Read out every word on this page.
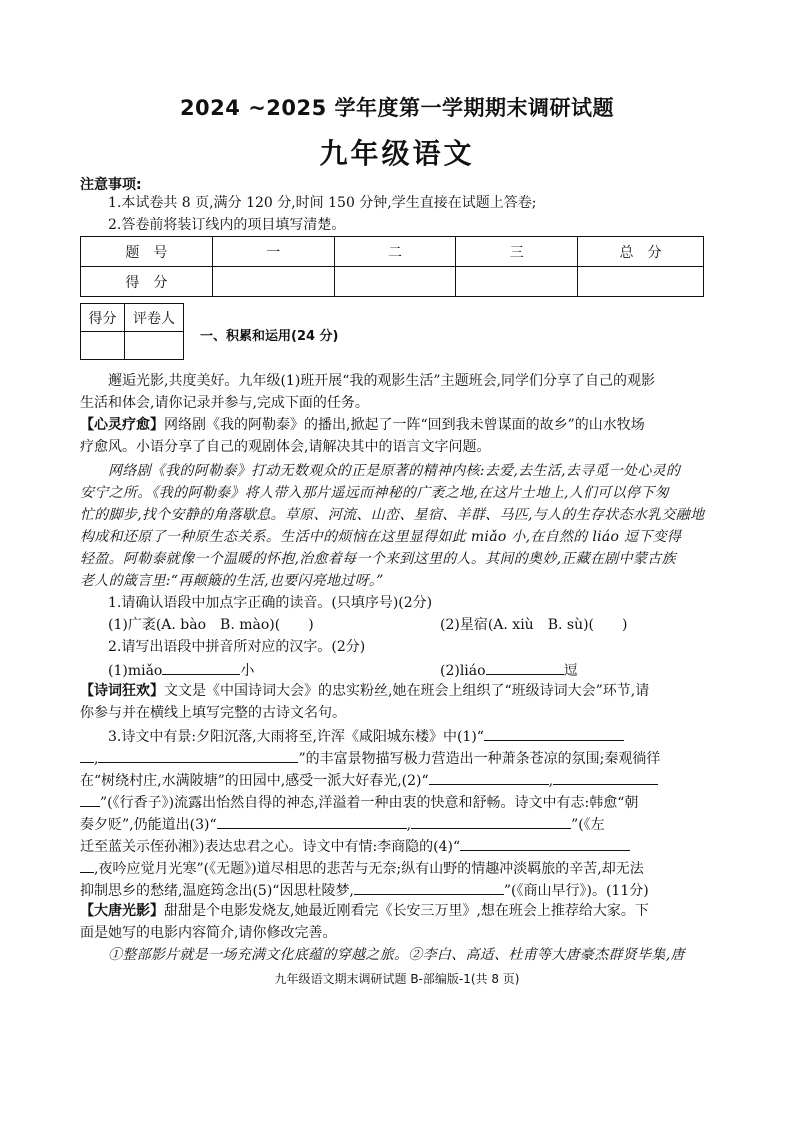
2024 ~2025 学年度第一学期期末调研试题
九年级语文
注意事项:
1.本试卷共 8 页,满分 120 分,时间 150 分钟,学生直接在试题上答卷;
2.答卷前将装订线内的项目填写清楚。
题　号	一	二	三	总　分
得　分				
得分	评卷人

一、积累和运用(24 分)
邂逅光影,共度美好。九年级(1)班开展“我的观影生活”主题班会,同学们分享了自己的观影
生活和体会,请你记录并参与,完成下面的任务。
【心灵疗愈】网络剧《我的阿勒泰》的播出,掀起了一阵“回到我未曾谋面的故乡”的山水牧场
疗愈风。小语分享了自己的观剧体会,请解决其中的语言文字问题。
网络剧《我的阿勒泰》打动无数观众的正是原著的精神内核:去爱,去生活,去寻觅一处心灵的
安宁之所。《我的阿勒泰》将人带入那片遥远而神秘的广袤之地,在这片土地上,人们可以停下匆
忙的脚步,找个安静的角落歇息。草原、河流、山峦、星宿、羊群、马匹,与人的生存状态水乳交融地
构成和还原了一种原生态关系。生活中的烦恼在这里显得如此 miǎo 小,在自然的 liáo 逗下变得
轻盈。阿勒泰就像一个温暖的怀抱,治愈着每一个来到这里的人。其间的奥妙,正藏在剧中蒙古族
老人的箴言里:“再颠簸的生活,也要闪亮地过呀。”
1.请确认语段中加点字正确的读音。(只填序号)(2分)
(1)广袤(A. bào　B. mào)(　　)	(2)星宿(A. xiù　B. sù)(　　)
2.请写出语段中拼音所对应的汉字。(2分)
(1)miǎo	小	(2)liáo	逗
【诗词狂欢】文文是《中国诗词大会》的忠实粉丝,她在班会上组织了“班级诗词大会”环节,请
你参与并在横线上填写完整的古诗文名句。
3.诗文中有景:夕阳沉落,大雨将至,许浑《咸阳城东楼》中(1)“
,	”的丰富景物描写极力营造出一种萧条苍凉的氛围;秦观徜徉
在“树绕村庄,水满陂塘”的田园中,感受一派大好春光,(2)“	,
”(《行香子》)流露出怡然自得的神态,洋溢着一种由衷的快意和舒畅。诗文中有志:韩愈“朝
奏夕贬”,仍能道出(3)“	,	”(《左
迁至蓝关示侄孙湘》)表达忠君之心。诗文中有情:李商隐的(4)“
,夜吟应觉月光寒”(《无题》)道尽相思的悲苦与无奈;纵有山野的情趣冲淡羁旅的辛苦,却无法
抑制思乡的愁绪,温庭筠念出(5)“因思杜陵梦,	”(《商山早行》)。(11分)
【大唐光影】甜甜是个电影发烧友,她最近刚看完《长安三万里》,想在班会上推荐给大家。下
面是她写的电影内容简介,请你修改完善。
①整部影片就是一场充满文化底蕴的穿越之旅。②李白、高适、杜甫等大唐豪杰群贤毕集,唐
九年级语文期末调研试题 B-部编版-1(共 8 页)
